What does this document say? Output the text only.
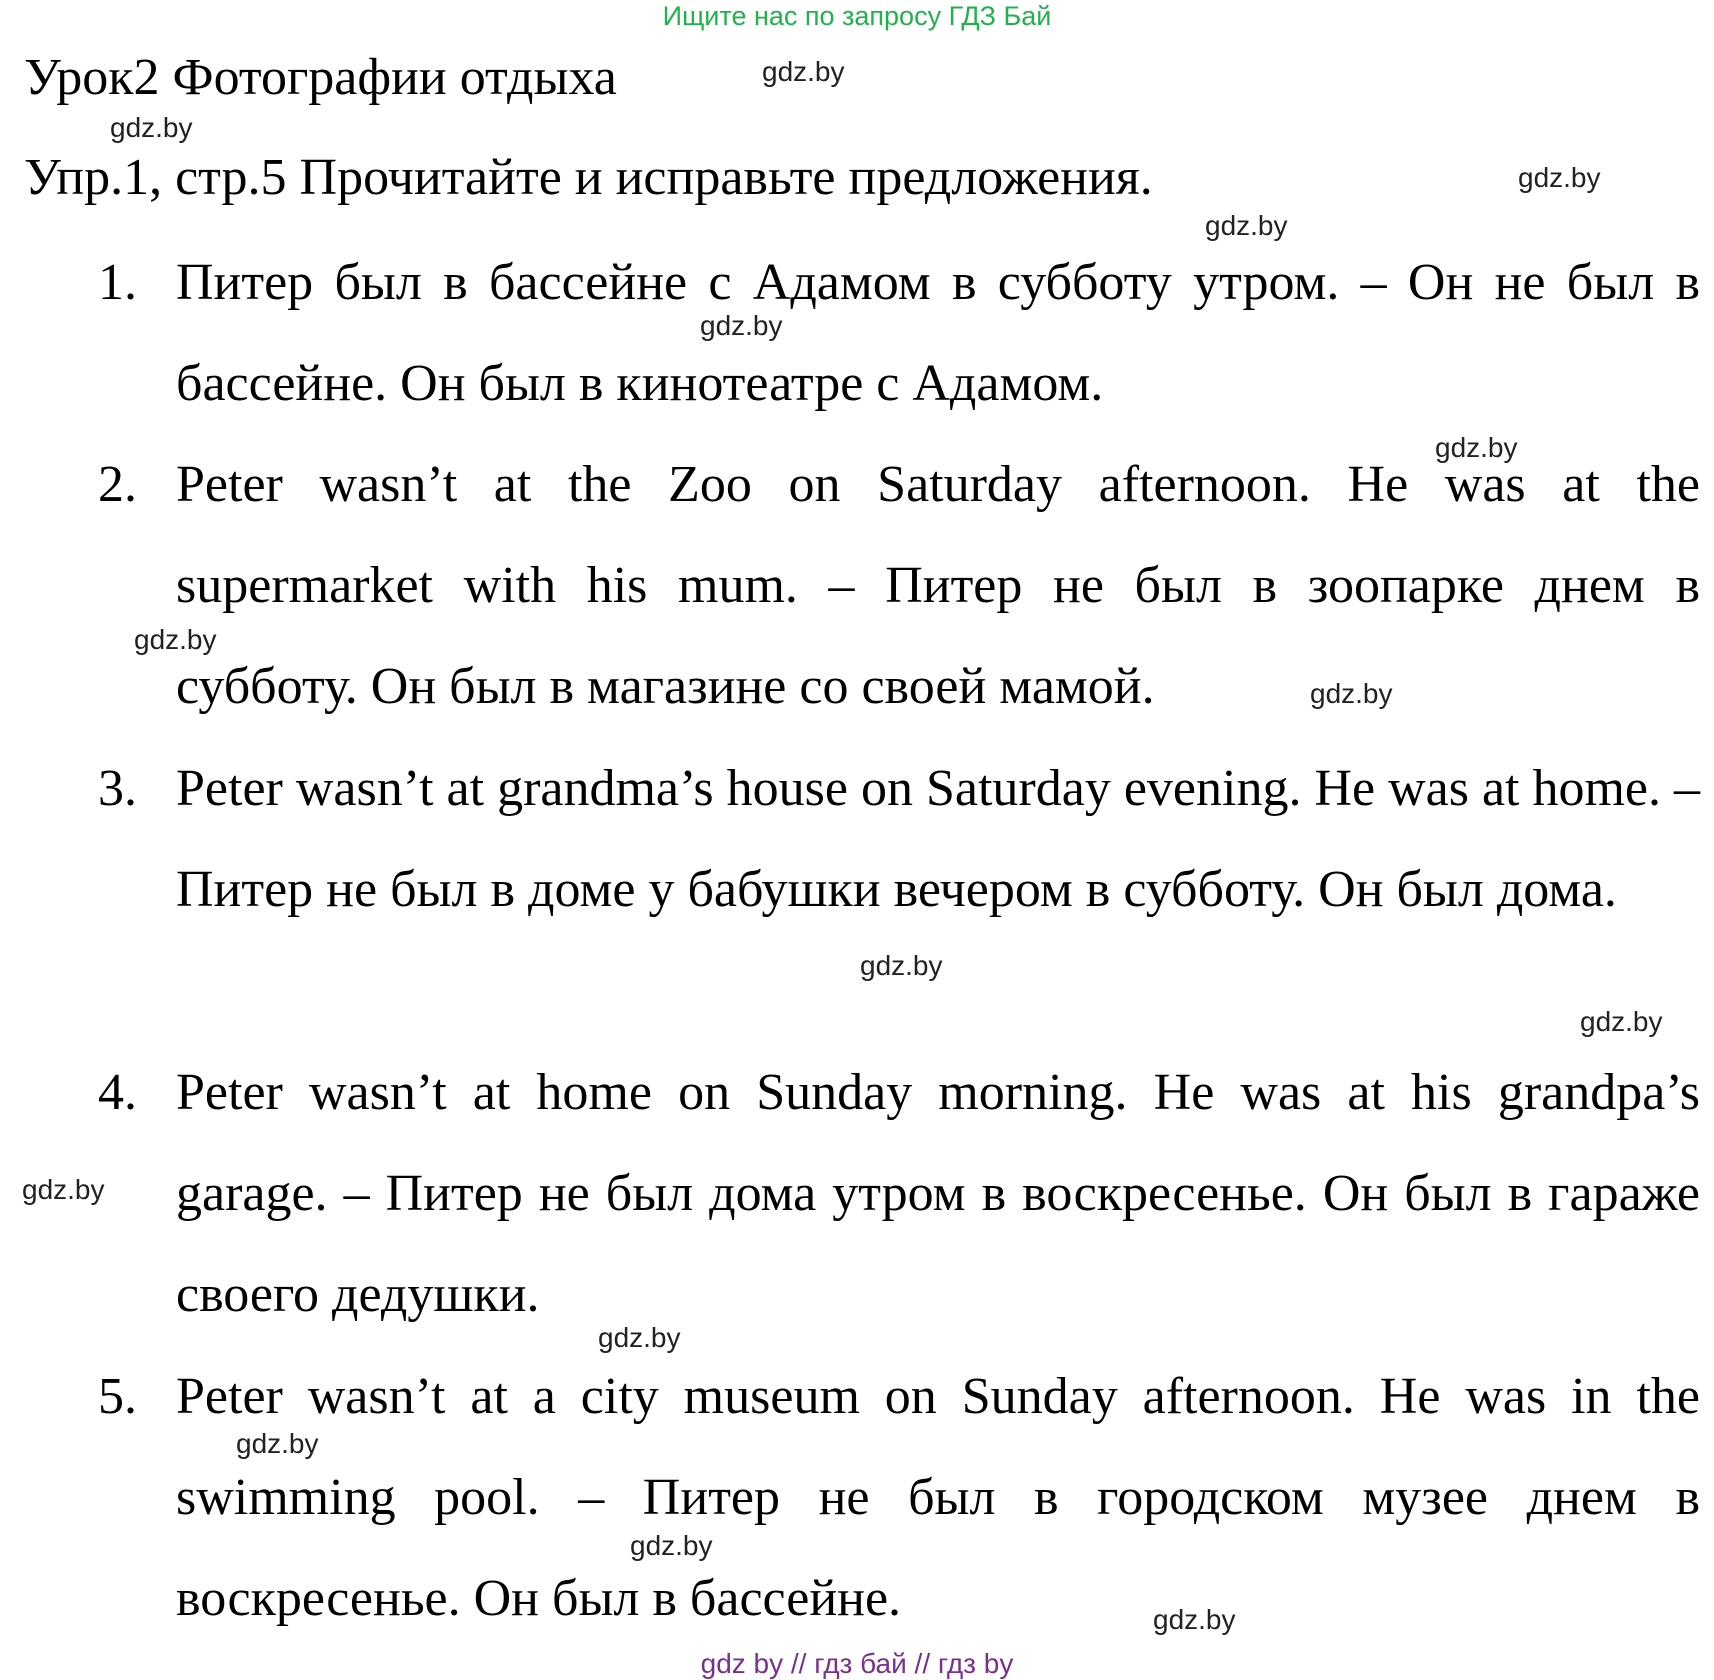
Ищите нас по запросу ГДЗ Бай
Урок2 Фотографии отдыха
Упр.1, стр.5 Прочитайте и исправьте предложения.
1. Питер был в бассейне с Адамом в субботу утром. – Он не был в бассейне. Он был в кинотеатре с Адамом.
2. Peter wasn’t at the Zoo on Saturday afternoon. He was at the supermarket with his mum. – Питер не был в зоопарке днем в субботу. Он был в магазине со своей мамой.
3. Peter wasn’t at grandma’s house on Saturday evening. He was at home. – Питер не был в доме у бабушки вечером в субботу. Он был дома.
4. Peter wasn’t at home on Sunday morning. He was at his grandpa’s garage. – Питер не был дома утром в воскресенье. Он был в гараже своего дедушки.
5. Peter wasn’t at a city museum on Sunday afternoon. He was in the swimming pool. – Питер не был в городском музее днем в воскресенье. Он был в бассейне.
gdz.by
gdz.by
gdz.by
gdz.by
gdz.by
gdz.by
gdz.by
gdz.by
gdz.by
gdz.by
gdz.by
gdz.by
gdz.by
gdz.by
gdz.by
gdz by // гдз бай // гдз by
